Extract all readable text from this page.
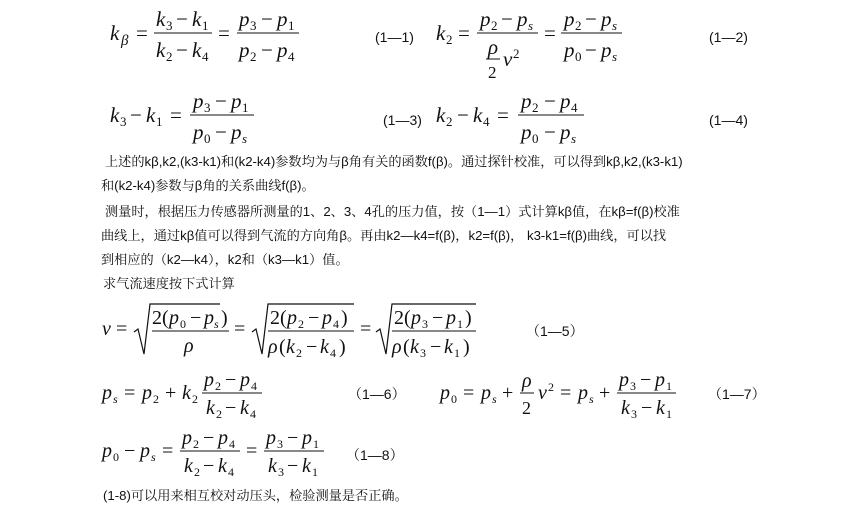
k β =
k 3 − k 1
k 2 − k 4
=
p 3 − p 1
p 2 − p 4
(1—1) k 2 =
p 2 − p s
ρ
2
v 2
=
p 2 − p s
p 0 − p s
(1—2)
k 3 − k 1 =
p 3 − p 1
p 0 − p s
(1—3) k 2 − k 4 =
p 2 − p 4
p 0 − p s
(1—4)
上述的kβ,k2,(k3-k1)和(k2-k4)参数均为与β角有关的函数f(β)。通过探针校准，可以得到kβ,k2,(k3-k1)
和(k2-k4)参数与β角的关系曲线f(β)。
测量时，根据压力传感器所测量的1、2、3、4孔的压力值，按（1—1）式计算kβ值，在kβ=f(β)校准
曲线上，通过kβ值可以得到气流的方向角β。再由k2—k4=f(β)，k2=f(β)， k3-k1=f(β)曲线，可以找
到相应的（k2—k4），k2和（k3—k1）值。
求气流速度按下式计算
v = 2( p 0 − p s )
ρ
= 2( p 2 − p 4 )
ρ ( k 2 − k 4 )
= 2( p 3 − p 1 )
ρ ( k 3 − k 1 )
（1—5）
p s = p 2 + k 2
p 2 − p 4
k 2 − k 4
（1—6） p 0 = p s +
ρ
2
v 2 = p s +
p 3 − p 1
k 3 − k 1
（1—7）
p 0 − p s =
p 2 − p 4
k 2 − k 4
=
p 3 − p 1
k 3 − k 1
（1—8）
(1-8)可以用来相互校对动压头，检验测量是否正确。
